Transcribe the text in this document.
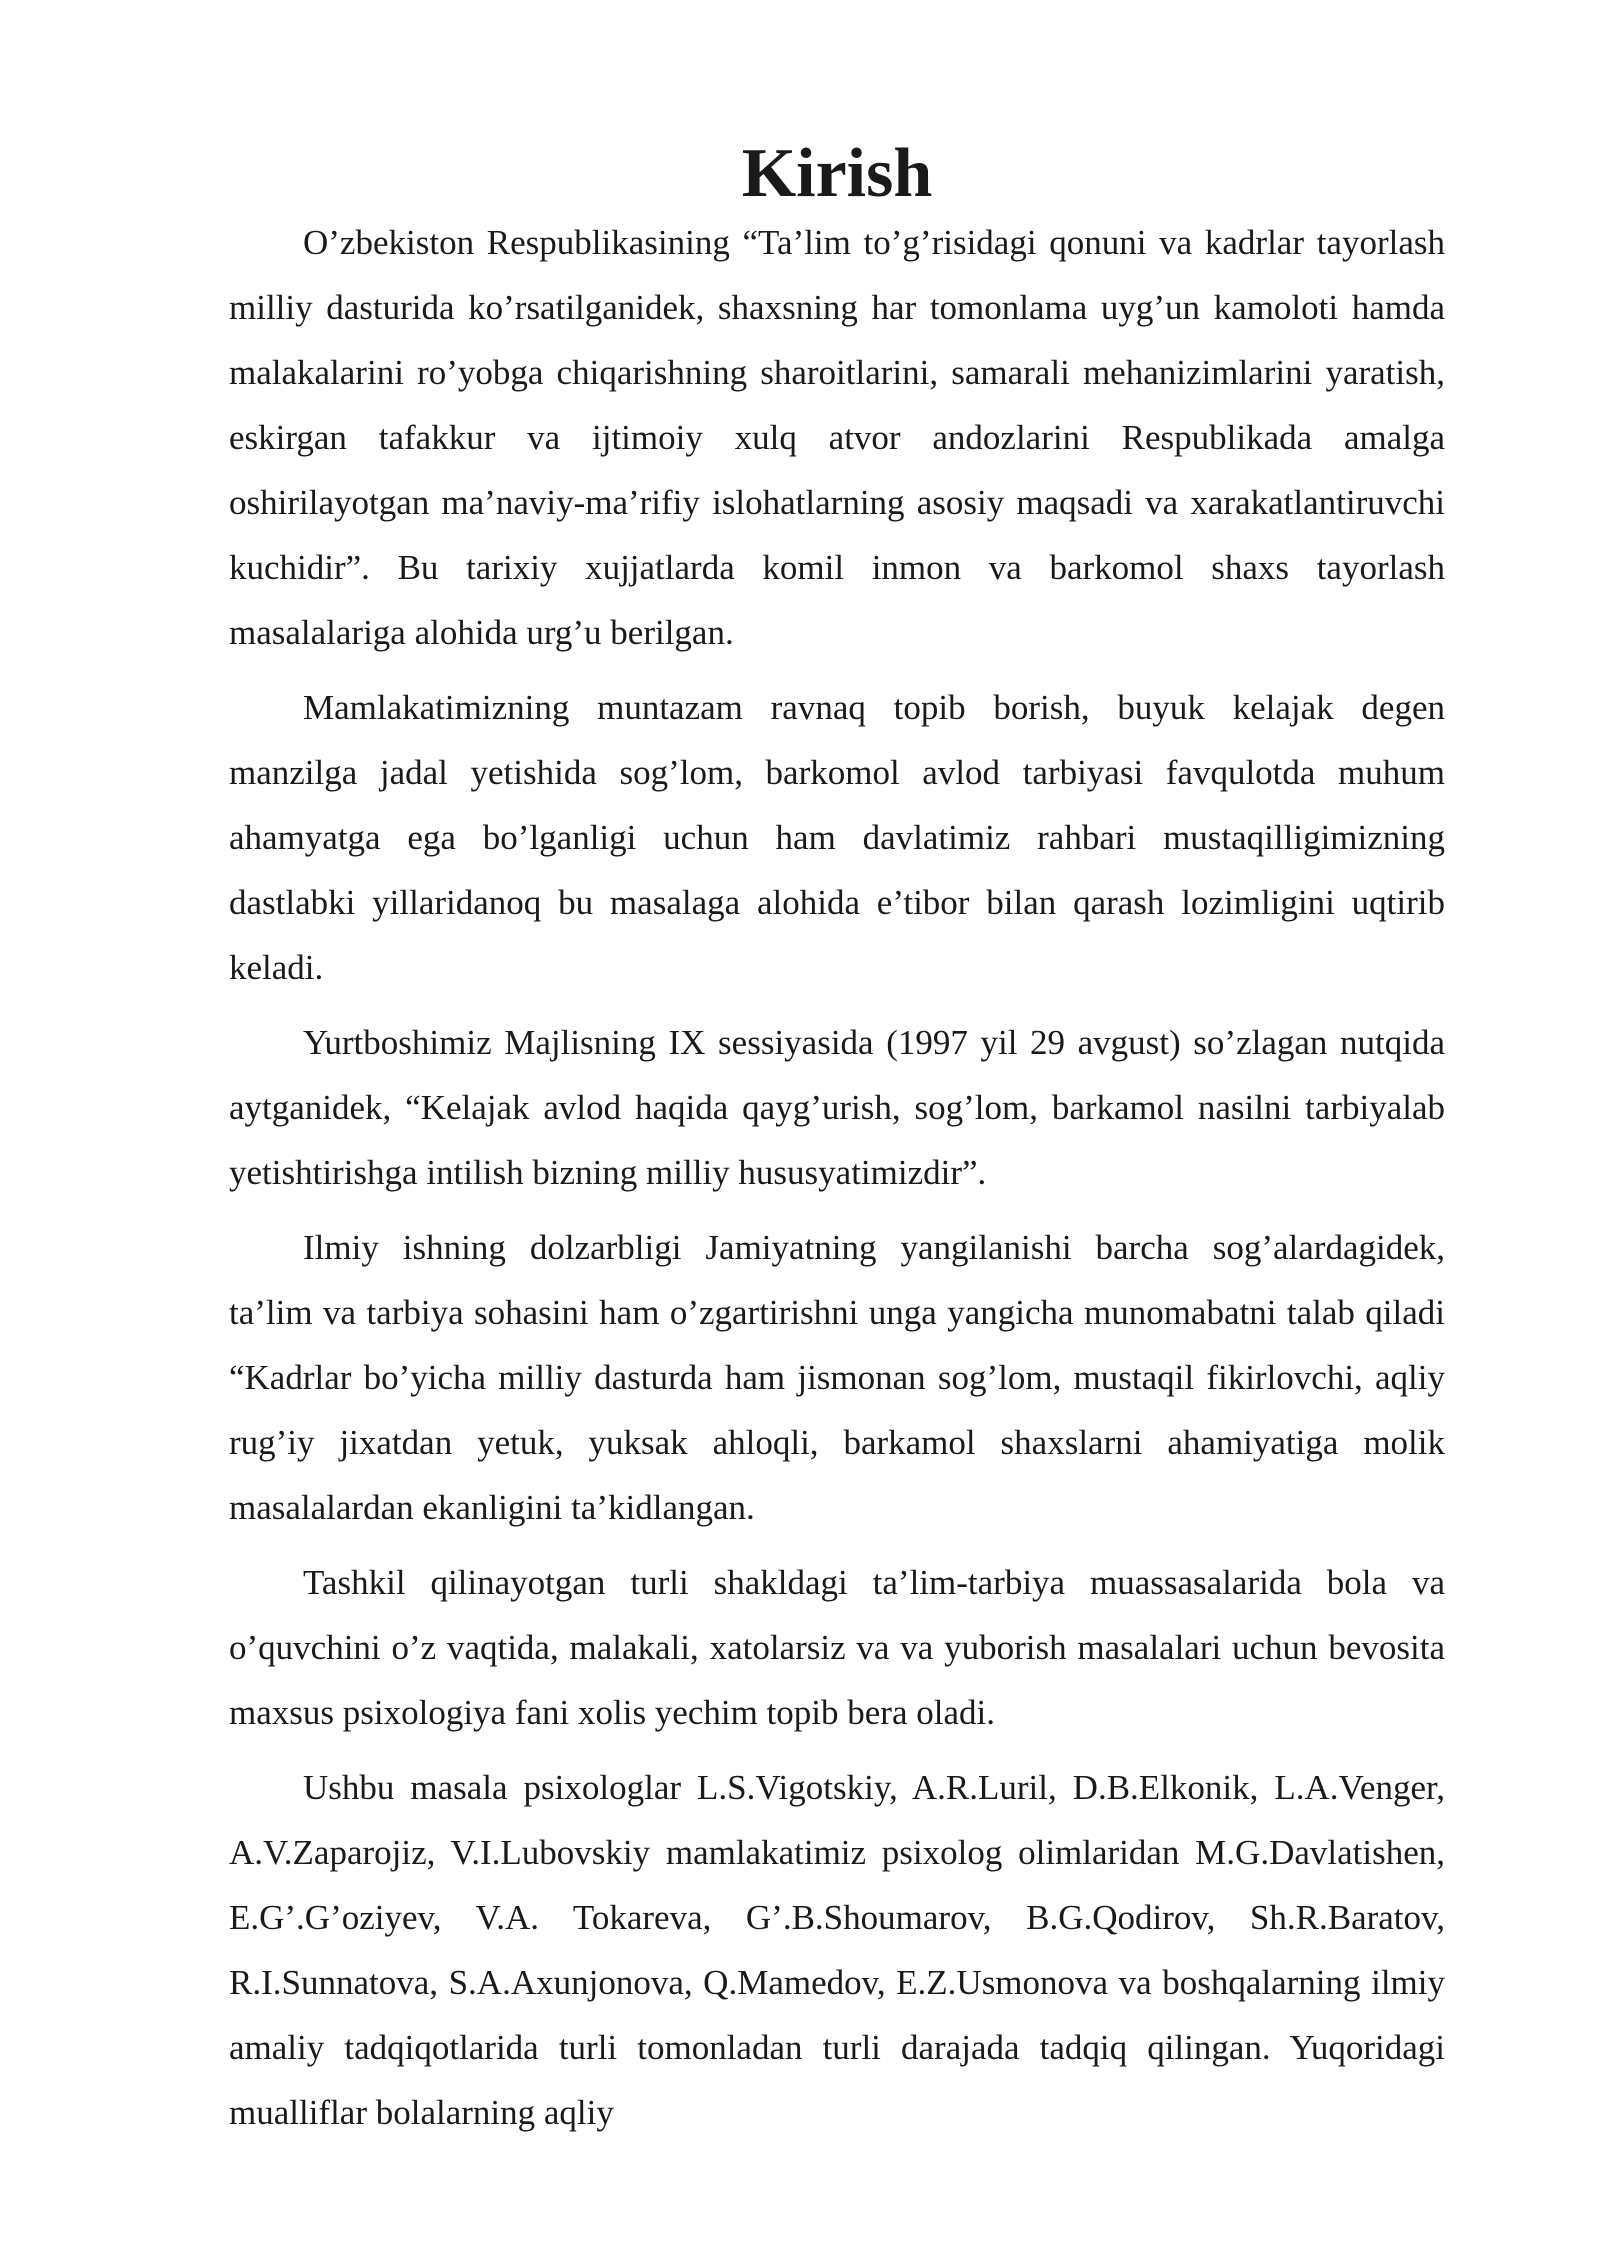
Kirish

O’zbekiston Respublikasining “Ta’lim to’g’risidagi qonuni va kadrlar tayorlash milliy dasturida ko’rsatilganidek, shaxsning har tomonlama uyg’un kamoloti hamda malakalarini ro’yobga chiqarishning sharoitlarini, samarali mehanizimlarini yaratish, eskirgan tafakkur va ijtimoiy xulq atvor andozlarini Respublikada amalga oshirilayotgan ma’naviy-ma’rifiy islohatlarning asosiy maqsadi va xarakatlantiruvchi kuchidir”. Bu tarixiy xujjatlarda komil inmon va barkomol shaxs tayorlash masalalariga alohida urg’u berilgan.

Mamlakatimizning muntazam ravnaq topib borish, buyuk kelajak degen manzilga jadal yetishida sog’lom, barkomol avlod tarbiyasi favqulotda muhum ahamyatga ega bo’lganligi uchun ham davlatimiz rahbari mustaqilligimizning dastlabki yillaridanoq bu masalaga alohida e’tibor bilan qarash lozimligini uqtirib keladi.

Yurtboshimiz Majlisning IX sessiyasida (1997 yil 29 avgust) so’zlagan nutqida aytganidek, “Kelajak avlod haqida qayg’urish, sog’lom, barkamol nasilni tarbiyalab yetishtirishga intilish bizning milliy hususyatimizdir”.

Ilmiy ishning dolzarbligi Jamiyatning yangilanishi barcha sog’alardagidek, ta’lim va tarbiya sohasini ham o’zgartirishni unga yangicha munomabatni talab qiladi “Kadrlar bo’yicha milliy dasturda ham jismonan sog’lom, mustaqil fikirlovchi, aqliy rug’iy jixatdan yetuk, yuksak ahloqli, barkamol shaxslarni ahamiyatiga molik masalalardan ekanligini ta’kidlangan.

Tashkil qilinayotgan turli shakldagi ta’lim-tarbiya muassasalarida bola va o’quvchini o’z vaqtida, malakali, xatolarsiz va va yuborish masalalari uchun bevosita maxsus psixologiya fani xolis yechim topib bera oladi.

Ushbu masala psixologlar L.S.Vigotskiy, A.R.Luril, D.B.Elkonik, L.A.Venger, A.V.Zaparojiz, V.I.Lubovskiy mamlakatimiz psixolog olimlaridan M.G.Davlatishen, E.G’.G’oziyev, V.A. Tokareva, G’.B.Shoumarov, B.G.Qodirov, Sh.R.Baratov, R.I.Sunnatova, S.A.Axunjonova, Q.Mamedov, E.Z.Usmonova va boshqalarning ilmiy amaliy tadqiqotlarida turli tomonladan turli darajada tadqiq qilingan. Yuqoridagi mualliflar bolalarning aqliy
